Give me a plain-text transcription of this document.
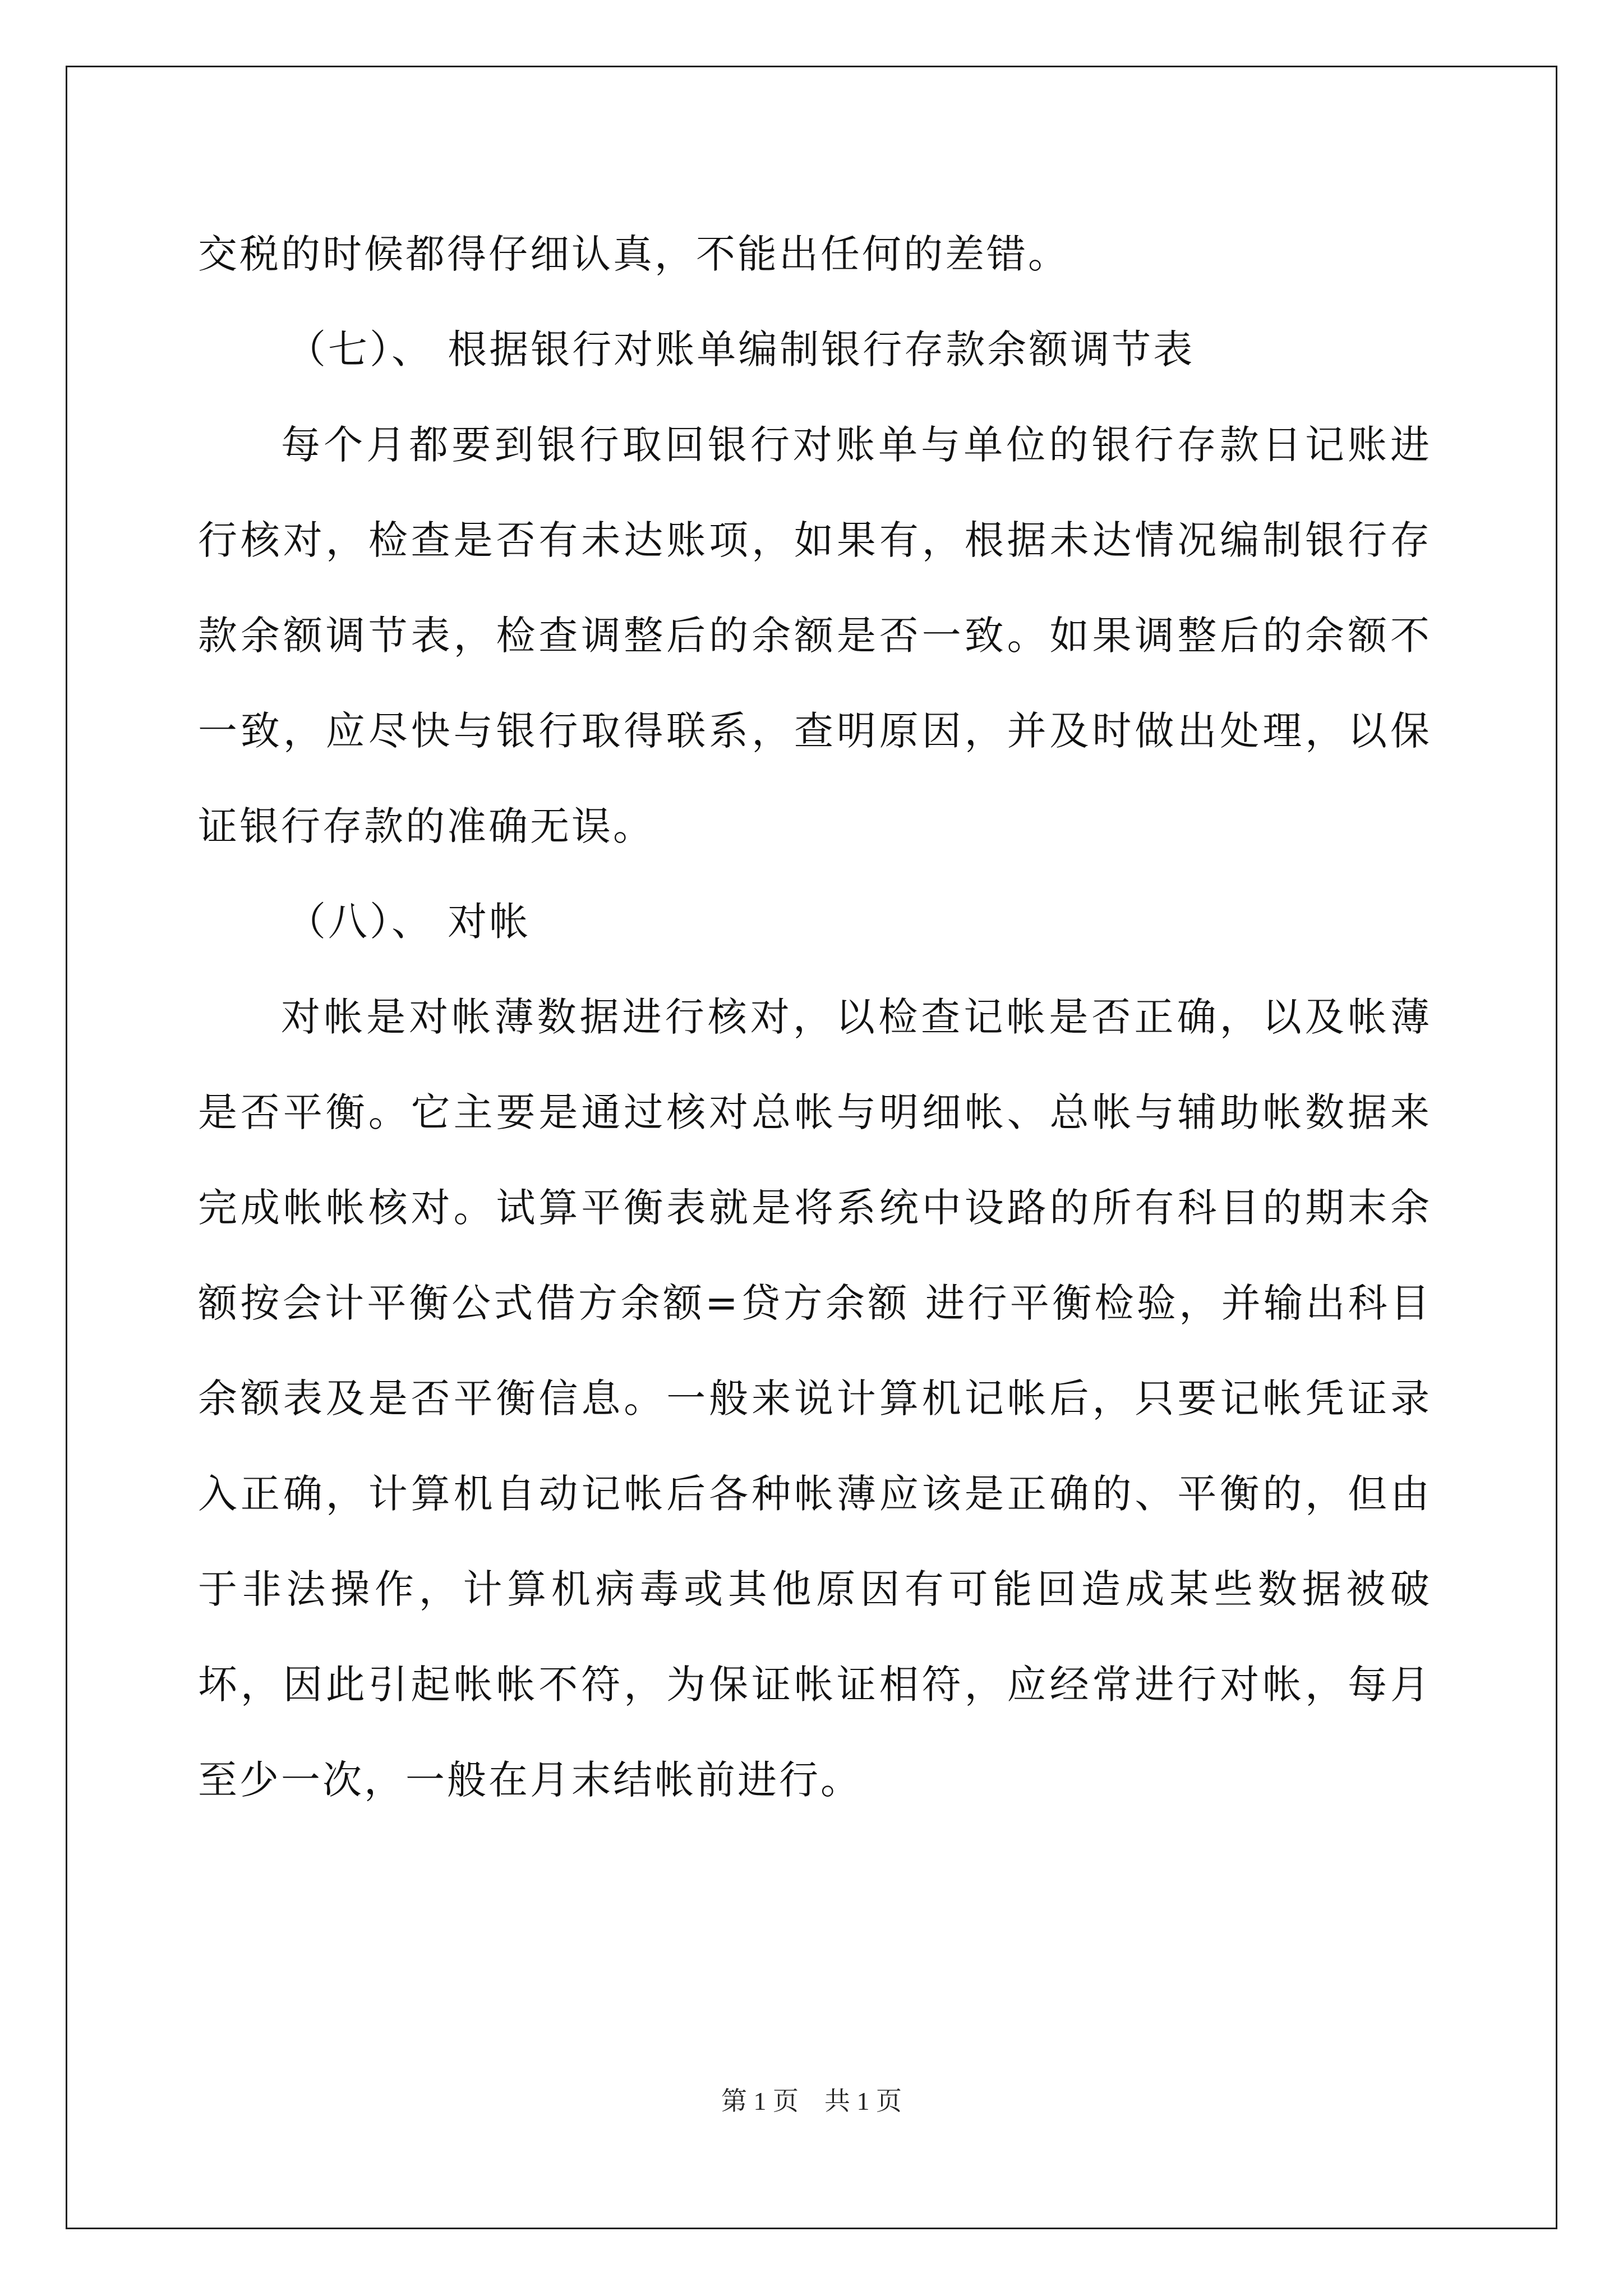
交税的时候都得仔细认真，不能出任何的差错。

（七）、 根据银行对账单编制银行存款余额调节表

每个月都要到银行取回银行对账单与单位的银行存款日记账进行核对，检查是否有未达账项，如果有，根据未达情况编制银行存款余额调节表，检查调整后的余额是否一致。如果调整后的余额不一致，应尽快与银行取得联系，查明原因，并及时做出处理，以保证银行存款的准确无误。

（八）、 对帐

对帐是对帐薄数据进行核对，以检查记帐是否正确，以及帐薄是否平衡。它主要是通过核对总帐与明细帐、总帐与辅助帐数据来完成帐帐核对。试算平衡表就是将系统中设路的所有科目的期末余额按会计平衡公式借方余额=贷方余额 进行平衡检验，并输出科目余额表及是否平衡信息。一般来说计算机记帐后，只要记帐凭证录入正确，计算机自动记帐后各种帐薄应该是正确的、平衡的，但由于非法操作，计算机病毒或其他原因有可能回造成某些数据被破坏，因此引起帐帐不符，为保证帐证相符，应经常进行对帐，每月至少一次，一般在月末结帐前进行。

第 1 页　共 1 页
